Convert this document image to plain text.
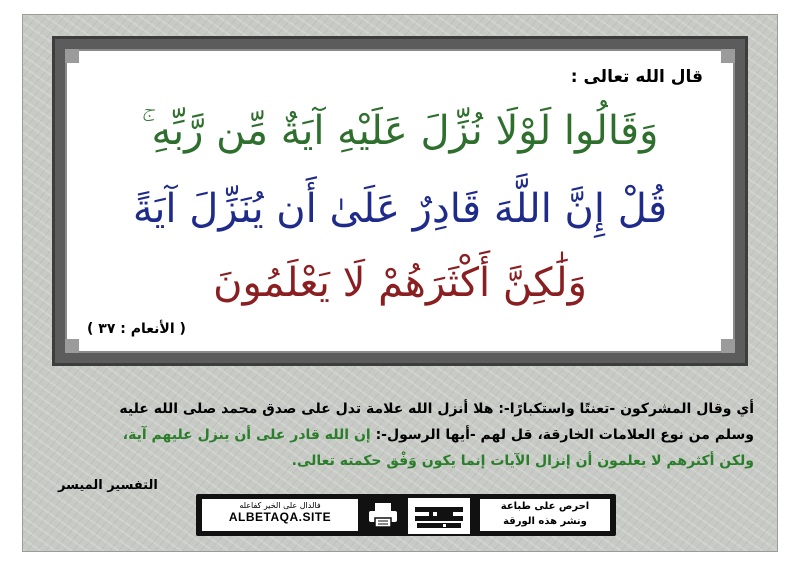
قال الله تعالى :
وَقَالُوا لَوْلَا نُزِّلَ عَلَيْهِ آيَةٌ مِّن رَّبِّهِ ۚ
قُلْ إِنَّ اللَّهَ قَادِرٌ عَلَىٰ أَن يُنَزِّلَ آيَةً
وَلَٰكِنَّ أَكْثَرَهُمْ لَا يَعْلَمُونَ
( الأنعام : ٣٧ )
أي وقال المشركون -تعنتًا واستكبارًا-: هلا أنزل الله علامة تدل على صدق محمد صلى الله عليه وسلم من نوع العلامات الخارقة، قل لهم -أيها الرسول-: إن الله قادر على أن ينزل عليهم آية، ولكن أكثرهم لا يعلمون أن إنزال الآيات إنما يكون وَفْق حكمته تعالى.
التفسير الميسر
فالدال على الخير كفاعله
ALBETAQA.SITE
احرص على طباعة
ونشر هذه الورقة
